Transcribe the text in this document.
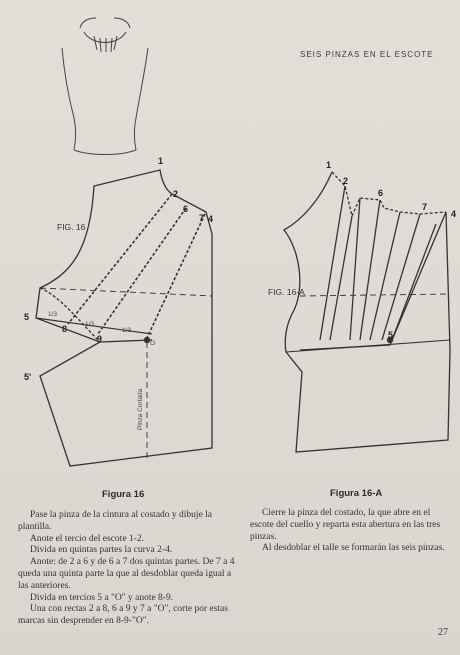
SEIS PINZAS EN EL ESCOTE
FIG. 16
1
2
6
7 4
5
8
9
5'
1/3
1/3
1/3
O
Pinza Cortada
FIG. 16-A
1
2
6
7
4
5
Figura 16	Figura 16-A

Pase la pinza de la cintura al costado y dibuje la plantilla.

Anote el tercio del escote 1-2.

Divida en quintas partes la curva 2-4.

Anote: de 2 a 6 y de 6 a 7 dos quintas partes. De 7 a 4 queda una quinta parte la que al desdoblar queda igual a las anteriores.

Divida en tercios 5 a "O" y anote 8-9.

Una con rectas 2 a 8, 6 a 9 y 7 a "O", corte por estas marcas sin desprender en 8-9-"O".

Cierre la pinza del costado, la que abre en el escote del cuello y reparta esta abertura en las tres pinzas.

Al desdoblar el talle se formarán las seis pinzas.

27
